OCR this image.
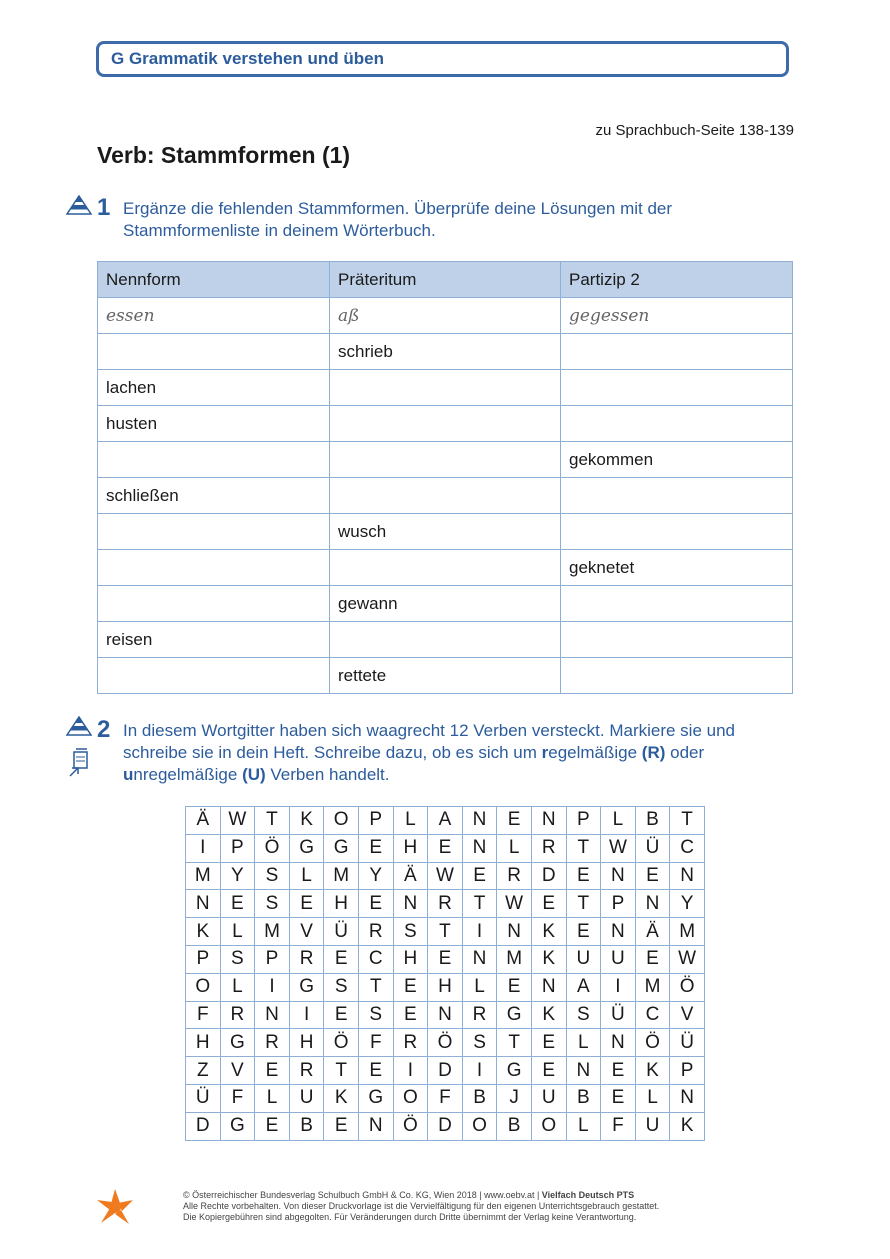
G Grammatik verstehen und üben
zu Sprachbuch-Seite 138-139
Verb: Stammformen (1)
1 Ergänze die fehlenden Stammformen. Überprüfe deine Lösungen mit der Stammformenliste in deinem Wörterbuch.
Nennform	Präteritum	Partizip 2
essen	aß	gegessen
	schrieb	
lachen		
husten		
		gekommen
schließen		
	wusch	
		geknetet
	gewann	
reisen		
	rettete	
2 In diesem Wortgitter haben sich waagrecht 12 Verben versteckt. Markiere sie und schreibe sie in dein Heft. Schreibe dazu, ob es sich um regelmäßige (R) oder unregelmäßige (U) Verben handelt.
Ä	W	T	K	O	P	L	A	N	E	N	P	L	B	T
I	P	Ö	G	G	E	H	E	N	L	R	T	W	Ü	C
M	Y	S	L	M	Y	Ä	W	E	R	D	E	N	E	N
N	E	S	E	H	E	N	R	T	W	E	T	P	N	Y
K	L	M	V	Ü	R	S	T	I	N	K	E	N	Ä	M
P	S	P	R	E	C	H	E	N	M	K	U	U	E	W
O	L	I	G	S	T	E	H	L	E	N	A	I	M	Ö
F	R	N	I	E	S	E	N	R	G	K	S	Ü	C	V
H	G	R	H	Ö	F	R	Ö	S	T	E	L	N	Ö	Ü
Z	V	E	R	T	E	I	D	I	G	E	N	E	K	P
Ü	F	L	U	K	G	O	F	B	J	U	B	E	L	N
D	G	E	B	E	N	Ö	D	O	B	O	L	F	U	K
© Österreichischer Bundesverlag Schulbuch GmbH & Co. KG, Wien 2018 | www.oebv.at | Vielfach Deutsch PTS
Alle Rechte vorbehalten. Von dieser Druckvorlage ist die Vervielfältigung für den eigenen Unterrichtsgebrauch gestattet.
Die Kopiergebühren sind abgegolten. Für Veränderungen durch Dritte übernimmt der Verlag keine Verantwortung.
